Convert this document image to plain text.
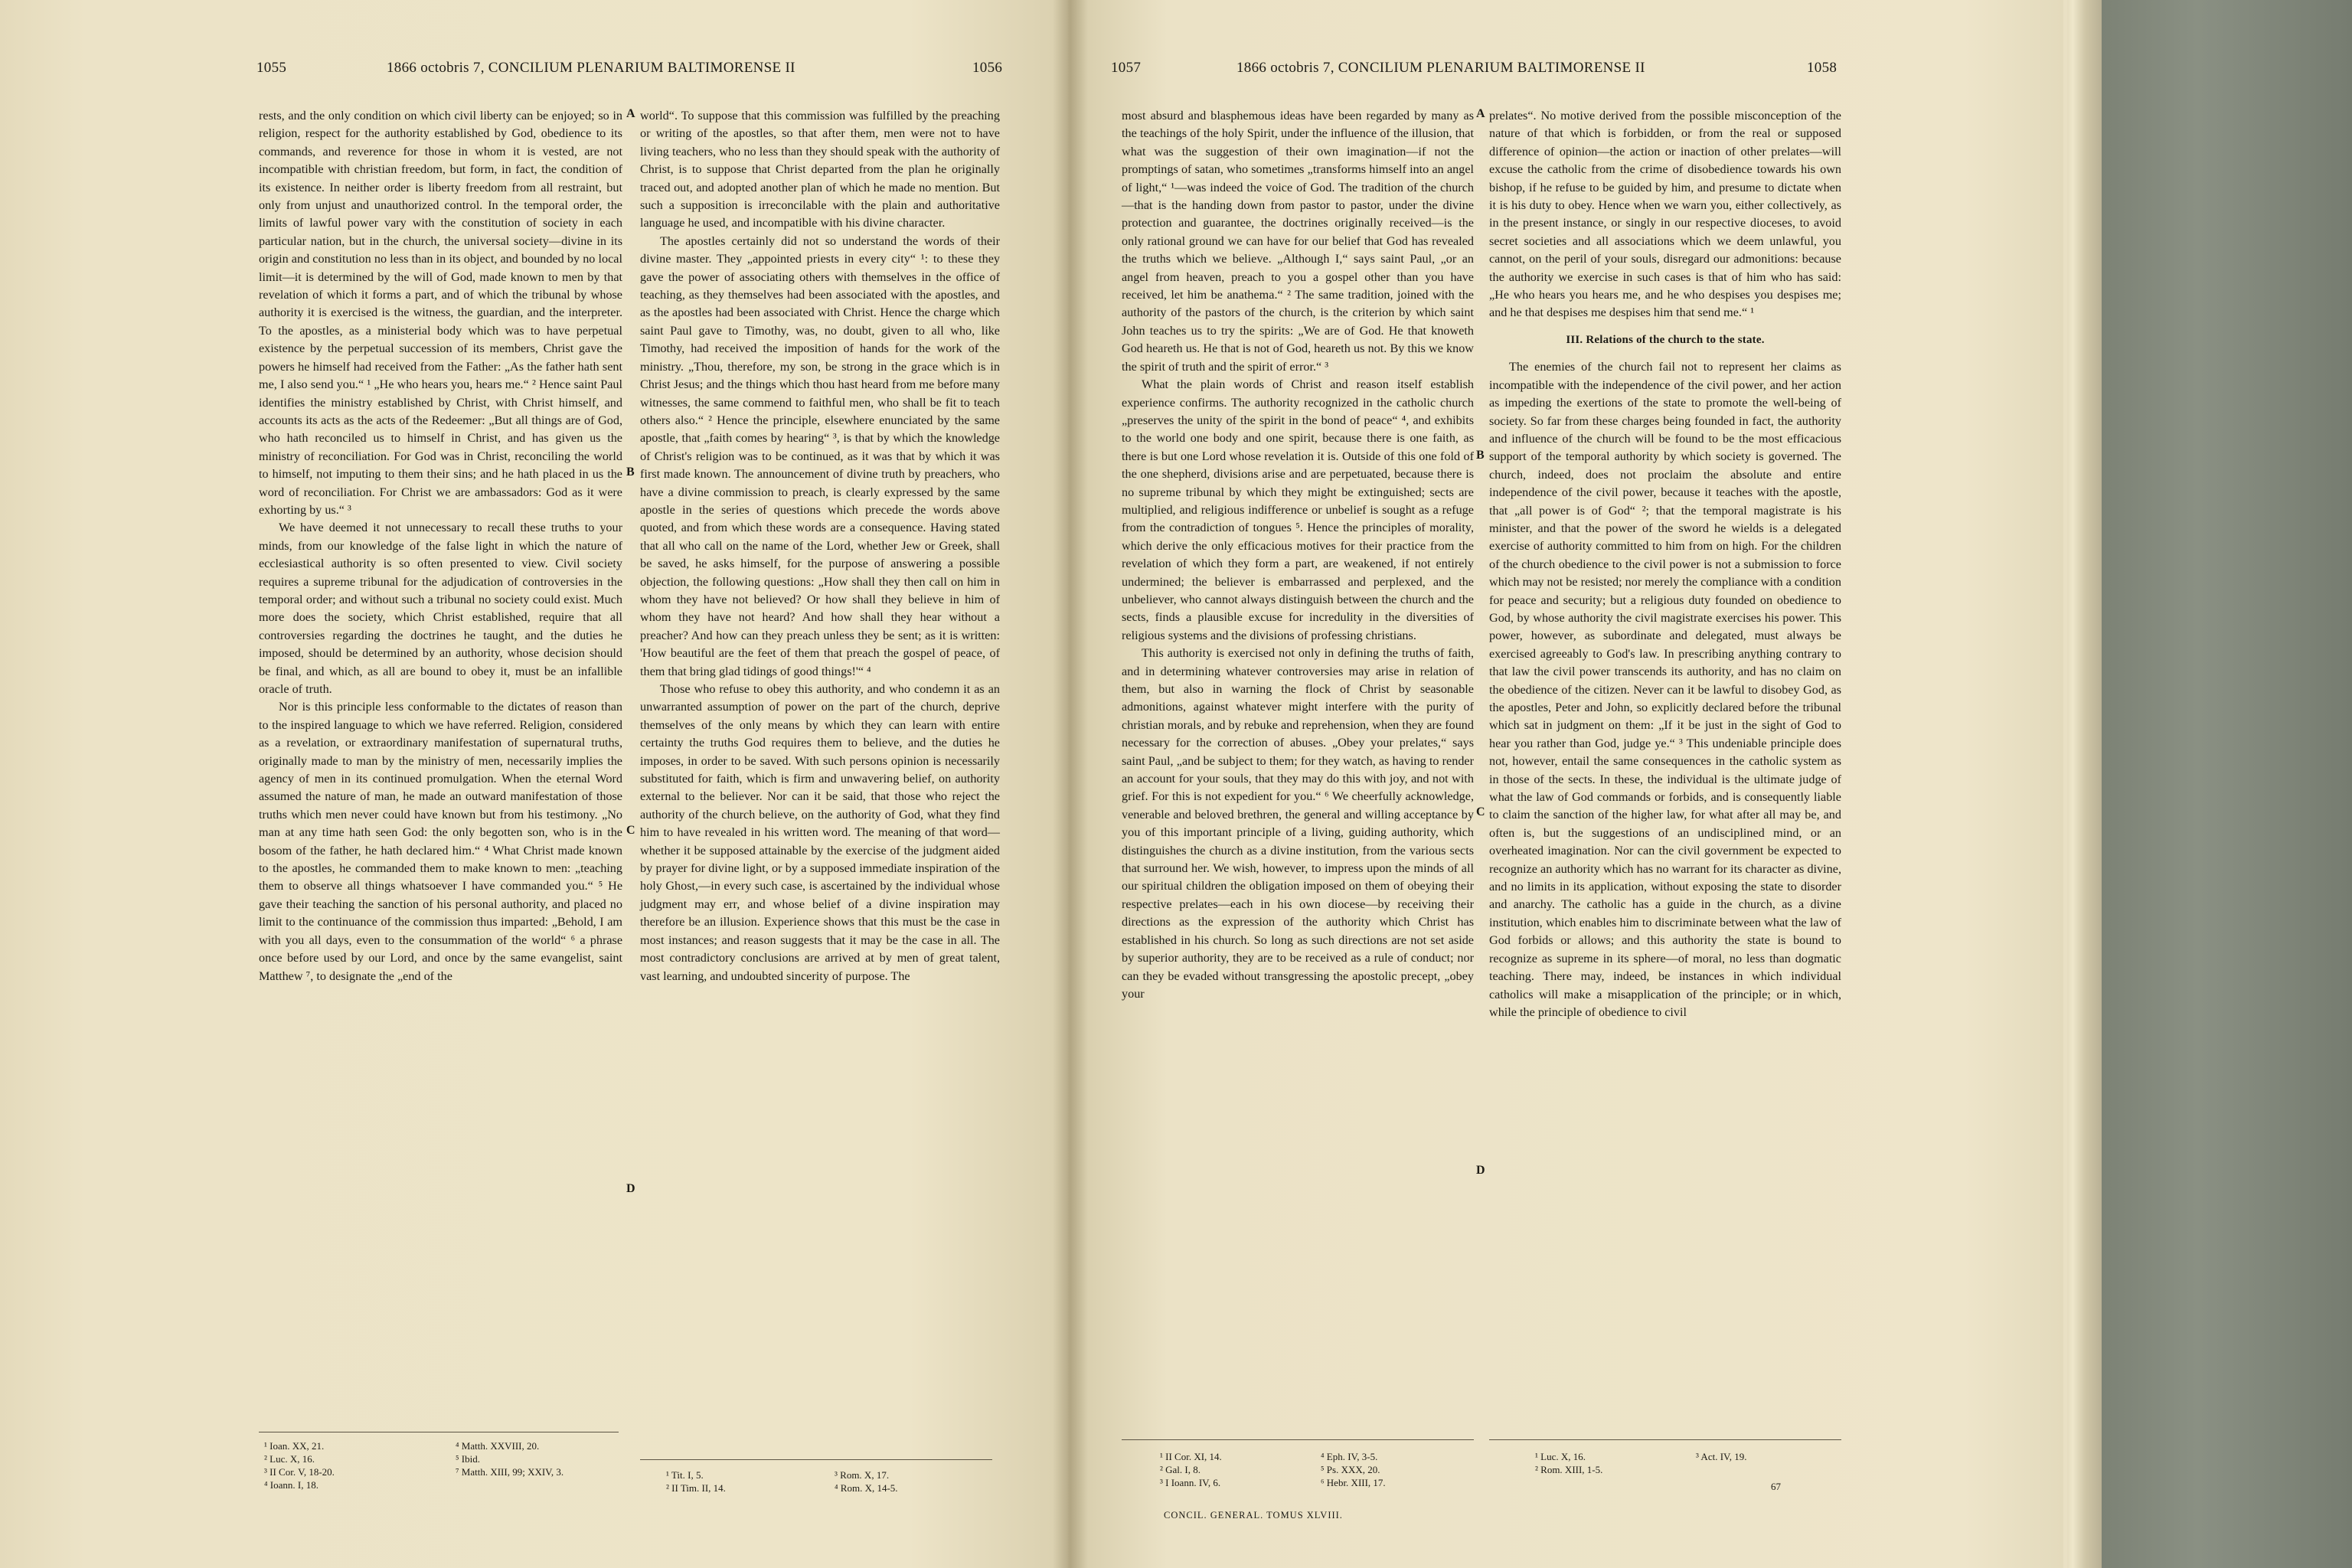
1055	1866 octobris 7, CONCILIUM PLENARIUM BALTIMORENSE II	1056

rests, and the only condition on which civil liberty can be enjoyed; so in religion, respect for the authority established by God, obedience to its commands, and reverence for those in whom it is vested, are not incompatible with christian freedom, but form, in fact, the condition of its existence. In neither order is liberty freedom from all restraint, but only from unjust and unauthorized control. In the temporal order, the limits of lawful power vary with the constitution of society in each particular nation, but in the church, the universal society—divine in its origin and constitution no less than in its object, and bounded by no local limit—it is determined by the will of God, made known to men by that revelation of which it forms a part, and of which the tribunal by whose authority it is exercised is the witness, the guardian, and the interpreter. To the apostles, as a ministerial body which was to have perpetual existence by the perpetual succession of its members, Christ gave the powers he himself had received from the Father: „As the father hath sent me, I also send you.“ ¹ „He who hears you, hears me.“ ² Hence saint Paul identifies the ministry established by Christ, with Christ himself, and accounts its acts as the acts of the Redeemer: „But all things are of God, who hath reconciled us to himself in Christ, and has given us the ministry of reconciliation. For God was in Christ, reconciling the world to himself, not imputing to them their sins; and he hath placed in us the word of reconciliation. For Christ we are ambassadors: God as it were exhorting by us.“ ³

We have deemed it not unnecessary to recall these truths to your minds, from our knowledge of the false light in which the nature of ecclesiastical authority is so often presented to view. Civil society requires a supreme tribunal for the adjudication of controversies in the temporal order; and without such a tribunal no society could exist. Much more does the society, which Christ established, require that all controversies regarding the doctrines he taught, and the duties he imposed, should be determined by an authority, whose decision should be final, and which, as all are bound to obey it, must be an infallible oracle of truth.

Nor is this principle less conformable to the dictates of reason than to the inspired language to which we have referred. Religion, considered as a revelation, or extraordinary manifestation of supernatural truths, originally made to man by the ministry of men, necessarily implies the agency of men in its continued promulgation. When the eternal Word assumed the nature of man, he made an outward manifestation of those truths which men never could have known but from his testimony. „No man at any time hath seen God: the only begotten son, who is in the bosom of the father, he hath declared him.“ ⁴ What Christ made known to the apostles, he commanded them to make known to men: „teaching them to observe all things whatsoever I have commanded you.“ ⁵ He gave their teaching the sanction of his personal authority, and placed no limit to the continuance of the commission thus imparted: „Behold, I am with you all days, even to the consummation of the world“ ⁶ a phrase once before used by our Lord, and once by the same evangelist, saint Matthew ⁷, to designate the „end of the

A
B
C
D

world“. To suppose that this commission was fulfilled by the preaching or writing of the apostles, so that after them, men were not to have living teachers, who no less than they should speak with the authority of Christ, is to suppose that Christ departed from the plan he originally traced out, and adopted another plan of which he made no mention. But such a supposition is irreconcilable with the plain and authoritative language he used, and incompatible with his divine character.

The apostles certainly did not so understand the words of their divine master. They „appointed priests in every city“ ¹: to these they gave the power of associating others with themselves in the office of teaching, as they themselves had been associated with the apostles, and as the apostles had been associated with Christ. Hence the charge which saint Paul gave to Timothy, was, no doubt, given to all who, like Timothy, had received the imposition of hands for the work of the ministry. „Thou, therefore, my son, be strong in the grace which is in Christ Jesus; and the things which thou hast heard from me before many witnesses, the same commend to faithful men, who shall be fit to teach others also.“ ² Hence the principle, elsewhere enunciated by the same apostle, that „faith comes by hearing“ ³, is that by which the knowledge of Christ's religion was to be continued, as it was that by which it was first made known. The announcement of divine truth by preachers, who have a divine commission to preach, is clearly expressed by the same apostle in the series of questions which precede the words above quoted, and from which these words are a consequence. Having stated that all who call on the name of the Lord, whether Jew or Greek, shall be saved, he asks himself, for the purpose of answering a possible objection, the following questions: „How shall they then call on him in whom they have not believed? Or how shall they believe in him of whom they have not heard? And how shall they hear without a preacher? And how can they preach unless they be sent; as it is written: 'How beautiful are the feet of them that preach the gospel of peace, of them that bring glad tidings of good things!'“ ⁴

Those who refuse to obey this authority, and who condemn it as an unwarranted assumption of power on the part of the church, deprive themselves of the only means by which they can learn with entire certainty the truths God requires them to believe, and the duties he imposes, in order to be saved. With such persons opinion is necessarily substituted for faith, which is firm and unwavering belief, on authority external to the believer. Nor can it be said, that those who reject the authority of the church believe, on the authority of God, what they find him to have revealed in his written word. The meaning of that word—whether it be supposed attainable by the exercise of the judgment aided by prayer for divine light, or by a supposed immediate inspiration of the holy Ghost,—in every such case, is ascertained by the individual whose judgment may err, and whose belief of a divine inspiration may therefore be an illusion. Experience shows that this must be the case in most instances; and reason suggests that it may be the case in all. The most contradictory conclusions are arrived at by men of great talent, vast learning, and undoubted sincerity of purpose. The

¹ Ioan. XX, 21.	⁴ Matth. XXVIII, 20.
² Luc. X, 16.	⁵ Ibid.
³ II Cor. V, 18-20.	⁷ Matth. XIII, 99; XXIV, 3.
⁴ Ioann. I, 18.
¹ Tit. I, 5.	³ Rom. X, 17.
² II Tim. II, 14.	⁴ Rom. X, 14-5.
1057	1866 octobris 7, CONCILIUM PLENARIUM BALTIMORENSE II	1058

most absurd and blasphemous ideas have been regarded by many as the teachings of the holy Spirit, under the influence of the illusion, that what was the suggestion of their own imagination—if not the promptings of satan, who sometimes „transforms himself into an angel of light,“ ¹—was indeed the voice of God. The tradition of the church—that is the handing down from pastor to pastor, under the divine protection and guarantee, the doctrines originally received—is the only rational ground we can have for our belief that God has revealed the truths which we believe. „Although I,“ says saint Paul, „or an angel from heaven, preach to you a gospel other than you have received, let him be anathema.“ ² The same tradition, joined with the authority of the pastors of the church, is the criterion by which saint John teaches us to try the spirits: „We are of God. He that knoweth God heareth us. He that is not of God, heareth us not. By this we know the spirit of truth and the spirit of error.“ ³

What the plain words of Christ and reason itself establish experience confirms. The authority recognized in the catholic church „preserves the unity of the spirit in the bond of peace“ ⁴, and exhibits to the world one body and one spirit, because there is one faith, as there is but one Lord whose revelation it is. Outside of this one fold of the one shepherd, divisions arise and are perpetuated, because there is no supreme tribunal by which they might be extinguished; sects are multiplied, and religious indifference or unbelief is sought as a refuge from the contradiction of tongues ⁵. Hence the principles of morality, which derive the only efficacious motives for their practice from the revelation of which they form a part, are weakened, if not entirely undermined; the believer is embarrassed and perplexed, and the unbeliever, who cannot always distinguish between the church and the sects, finds a plausible excuse for incredulity in the diversities of religious systems and the divisions of professing christians.

This authority is exercised not only in defining the truths of faith, and in determining whatever controversies may arise in relation of them, but also in warning the flock of Christ by seasonable admonitions, against whatever might interfere with the purity of christian morals, and by rebuke and reprehension, when they are found necessary for the correction of abuses. „Obey your prelates,“ says saint Paul, „and be subject to them; for they watch, as having to render an account for your souls, that they may do this with joy, and not with grief. For this is not expedient for you.“ ⁶ We cheerfully acknowledge, venerable and beloved brethren, the general and willing acceptance by you of this important principle of a living, guiding authority, which distinguishes the church as a divine institution, from the various sects that surround her. We wish, however, to impress upon the minds of all our spiritual children the obligation imposed on them of obeying their respective prelates—each in his own diocese—by receiving their directions as the expression of the authority which Christ has established in his church. So long as such directions are not set aside by superior authority, they are to be received as a rule of conduct; nor can they be evaded without transgressing the apostolic precept, „obey your

A
B
C
D

prelates“. No motive derived from the possible misconception of the nature of that which is forbidden, or from the real or supposed difference of opinion—the action or inaction of other prelates—will excuse the catholic from the crime of disobedience towards his own bishop, if he refuse to be guided by him, and presume to dictate when it is his duty to obey. Hence when we warn you, either collectively, as in the present instance, or singly in our respective dioceses, to avoid secret societies and all associations which we deem unlawful, you cannot, on the peril of your souls, disregard our admonitions: because the authority we exercise in such cases is that of him who has said: „He who hears you hears me, and he who despises you despises me; and he that despises me despises him that send me.“ ¹

III. Relations of the church to the state.

The enemies of the church fail not to represent her claims as incompatible with the independence of the civil power, and her action as impeding the exertions of the state to promote the well-being of society. So far from these charges being founded in fact, the authority and influence of the church will be found to be the most efficacious support of the temporal authority by which society is governed. The church, indeed, does not proclaim the absolute and entire independence of the civil power, because it teaches with the apostle, that „all power is of God“ ²; that the temporal magistrate is his minister, and that the power of the sword he wields is a delegated exercise of authority committed to him from on high. For the children of the church obedience to the civil power is not a submission to force which may not be resisted; nor merely the compliance with a condition for peace and security; but a religious duty founded on obedience to God, by whose authority the civil magistrate exercises his power. This power, however, as subordinate and delegated, must always be exercised agreeably to God's law. In prescribing anything contrary to that law the civil power transcends its authority, and has no claim on the obedience of the citizen. Never can it be lawful to disobey God, as the apostles, Peter and John, so explicitly declared before the tribunal which sat in judgment on them: „If it be just in the sight of God to hear you rather than God, judge ye.“ ³ This undeniable principle does not, however, entail the same consequences in the catholic system as in those of the sects. In these, the individual is the ultimate judge of what the law of God commands or forbids, and is consequently liable to claim the sanction of the higher law, for what after all may be, and often is, but the suggestions of an undisciplined mind, or an overheated imagination. Nor can the civil government be expected to recognize an authority which has no warrant for its character as divine, and no limits in its application, without exposing the state to disorder and anarchy. The catholic has a guide in the church, as a divine institution, which enables him to discriminate between what the law of God forbids or allows; and this authority the state is bound to recognize as supreme in its sphere—of moral, no less than dogmatic teaching. There may, indeed, be instances in which individual catholics will make a misapplication of the principle; or in which, while the principle of obedience to civil

¹ II Cor. XI, 14.	⁴ Eph. IV, 3-5.
² Gal. I, 8.	⁵ Ps. XXX, 20.
³ I Ioann. IV, 6.	⁶ Hebr. XIII, 17.
CONCIL. GENERAL. TOMUS XLVIII.
¹ Luc. X, 16.	³ Act. IV, 19.
² Rom. XIII, 1-5.
67
